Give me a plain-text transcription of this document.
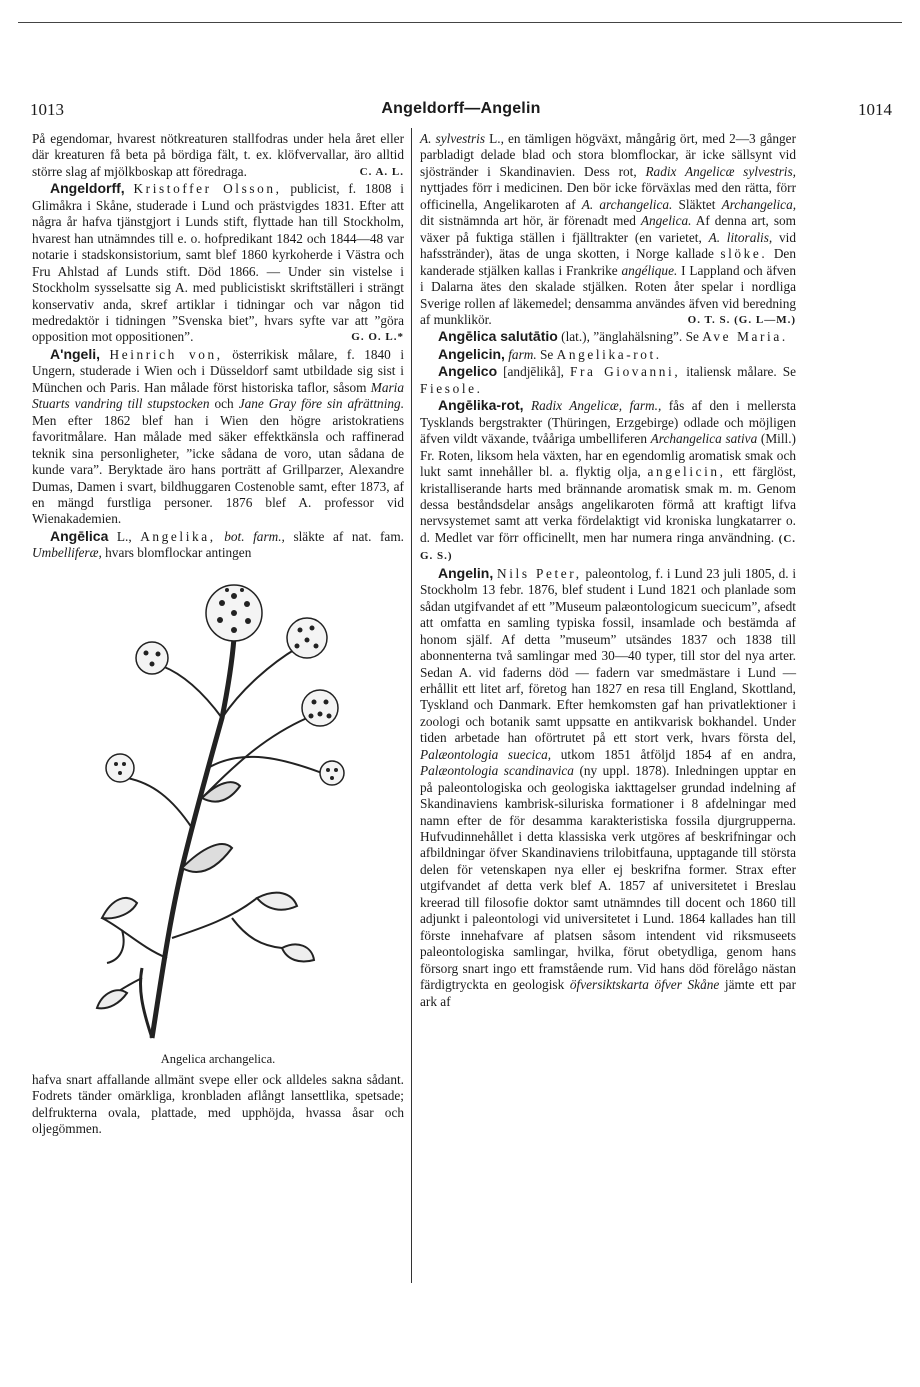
1013	Angeldorff—Angelin	1014

På egendomar, hvarest nötkreaturen stallfodras under hela året eller där kreaturen få beta på bördiga fält, t. ex. klöfvervallar, äro alltid större slag af mjölkboskap att föredraga.	C. A. L.

Angeldorff, Kristoffer Olsson, publicist, f. 1808 i Glimåkra i Skåne, studerade i Lund och prästvigdes 1831. Efter att några år hafva tjänstgjort i Lunds stift, flyttade han till Stockholm, hvarest han utnämndes till e. o. hofpredikant 1842 och 1844—48 var notarie i stadskonsistorium, samt blef 1860 kyrkoherde i Västra och Fru Ahlstad af Lunds stift. Död 1866. — Under sin vistelse i Stockholm sysselsatte sig A. med publicistiskt skriftställeri i strängt konservativ anda, skref artiklar i tidningar och var någon tid medredaktör i tidningen ”Svenska biet”, hvars syfte var att ”göra opposition mot oppositionen”.	G. O. L.*

A'ngeli, Heinrich von, österrikisk målare, f. 1840 i Ungern, studerade i Wien och i Düsseldorf samt utbildade sig sist i München och Paris. Han målade först historiska taflor, såsom Maria Stuarts vandring till stupstocken och Jane Gray före sin afrättning. Men efter 1862 blef han i Wien den högre aristokratiens favoritmålare. Han målade med säker effektkänsla och raffinerad teknik sina personligheter, ”icke sådana de voro, utan sådana de kunde vara”. Beryktade äro hans porträtt af Grillparzer, Alexandre Dumas, Damen i svart, bildhuggaren Costenoble samt, efter 1873, af en mängd furstliga personer. 1876 blef A. professor vid Wienakademien.

Angēlica L., Angelika, bot. farm., släkte af nat. fam. Umbelliferæ, hvars blomflockar antingen

Angelica archangelica.

hafva snart affallande allmänt svepe eller ock alldeles sakna sådant. Fodrets tänder omärkliga, kronbladen aflångt lansettlika, spetsade; delfrukterna ovala, plattade, med upphöjda, hvassa åsar och oljegömmen.

A. sylvestris L., en tämligen högväxt, mångårig ört, med 2—3 gånger parbladigt delade blad och stora blomflockar, är icke sällsynt vid sjöstränder i Skandinavien. Dess rot, Radix Angelicæ sylvestris, nyttjades förr i medicinen. Den bör icke förväxlas med den rätta, förr officinella, Angelikaroten af A. archangelica. Släktet Archangelica, dit sistnämnda art hör, är förenadt med Angelica. Af denna art, som växer på fuktiga ställen i fjälltrakter (en varietet, A. litoralis, vid hafsstränder), ätas de unga skotten, i Norge kallade slöke. Den kanderade stjälken kallas i Frankrike angélique. I Lappland och äfven i Dalarna ätes den skalade stjälken. Roten åter spelar i nordliga Sverige rollen af läkemedel; densamma användes äfven vid beredning af munklikör.	O. T. S. (G. L—M.)

Angēlica salutātio (lat.), ”änglahälsning”. Se Ave Maria.

Angelicin, farm. Se Angelika-rot.

Angelico [andjēlikå], Fra Giovanni, italiensk målare. Se Fiesole.

Angēlika-rot, Radix Angelicæ, farm., fås af den i mellersta Tysklands bergstrakter (Thüringen, Erzgebirge) odlade och möjligen äfven vildt växande, tvååriga umbelliferen Archangelica sativa (Mill.) Fr. Roten, liksom hela växten, har en egendomlig aromatisk smak och lukt samt innehåller bl. a. flyktig olja, angelicin, ett färglöst, kristalliserande harts med brännande aromatisk smak m. m. Genom dessa beståndsdelar ansågs angelikaroten förmå att kraftigt lifva nervsystemet samt att verka fördelaktigt vid kroniska lungkatarrer o. d. Medlet var förr officinellt, men har numera ringa användning. (C. G. S.)

Angelin, Nils Peter, paleontolog, f. i Lund 23 juli 1805, d. i Stockholm 13 febr. 1876, blef student i Lund 1821 och planlade som sådan utgifvandet af ett ”Museum palæontologicum suecicum”, afsedt att omfatta en samling typiska fossil, insamlade och bestämda af honom själf. Af detta ”museum” utsändes 1837 och 1838 till abonnenterna två samlingar med 30—40 typer, till stor del nya arter. Sedan A. vid faderns död — fadern var smedmästare i Lund — erhållit ett litet arf, företog han 1827 en resa till England, Skottland, Tyskland och Danmark. Efter hemkomsten gaf han privatlektioner i zoologi och botanik samt uppsatte en antikvarisk bokhandel. Under tiden arbetade han oförtrutet på ett stort verk, hvars första del, Palæontologia suecica, utkom 1851 åtföljd 1854 af en andra, Palæontologia scandinavica (ny uppl. 1878). Inledningen upptar en på paleontologiska och geologiska iakttagelser grundad indelning af Skandinaviens kambrisk-siluriska formationer i 8 afdelningar med namn efter de för desamma karakteristiska fossila djurgrupperna. Hufvudinnehållet i detta klassiska verk utgöres af beskrifningar och afbildningar öfver Skandinaviens trilobitfauna, upptagande till största delen för vetenskapen nya eller ej beskrifna former. Strax efter utgifvandet af detta verk blef A. 1857 af universitetet i Breslau kreerad till filosofie doktor samt utnämndes till docent och 1860 till adjunkt i paleontologi vid universitetet i Lund. 1864 kallades han till förste innehafvare af platsen såsom intendent vid riksmuseets paleontologiska samlingar, hvilka, förut obetydliga, genom hans försorg snart ingo ett framstående rum. Vid hans död förelågo nästan färdigtryckta en geologisk öfversiktskarta öfver Skåne jämte ett par ark af
